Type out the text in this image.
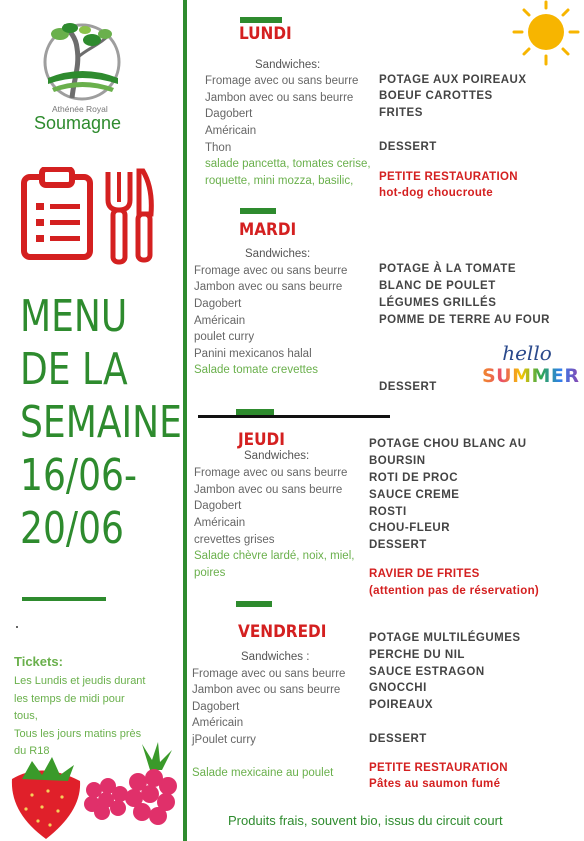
Athénée Royal
Soumagne
MENU
DE LA
SEMAINE
16/06-
20/06
Tickets:
Les Lundis et jeudis durant
les temps de midi pour
tous,
Tous les jours matins près
du R18
LUNDI
Sandwiches:
Fromage avec ou sans beurre
Jambon avec ou sans beurre
Dagobert
Américain
Thon
salade pancetta, tomates cerise,
roquette, mini mozza, basilic,
POTAGE AUX POIREAUX
BOEUF CAROTTES
FRITES
DESSERT
PETITE RESTAURATION
hot-dog choucroute
MARDI
Sandwiches:
Fromage avec ou sans beurre
Jambon avec ou sans beurre
Dagobert
Américain
poulet curry
Panini mexicanos halal
Salade tomate crevettes
POTAGE À LA TOMATE
BLANC DE POULET
LÉGUMES GRILLÉS
POMME DE TERRE AU FOUR
DESSERT
hello
SUMMER
JEUDI
Sandwiches:
Fromage avec ou sans beurre
Jambon avec ou sans beurre
Dagobert
Américain
crevettes grises
Salade chèvre lardé, noix, miel,
poires
POTAGE CHOU BLANC AU
BOURSIN
ROTI DE PROC
SAUCE CREME
ROSTI
CHOU-FLEUR
DESSERT
RAVIER DE FRITES
(attention pas de réservation)
VENDREDI
Sandwiches :
Fromage avec ou sans beurre
Jambon avec ou sans beurre
Dagobert
Américain
jPoulet curry
Salade mexicaine au poulet
POTAGE MULTILÉGUMES
PERCHE DU NIL
SAUCE ESTRAGON
GNOCCHI
POIREAUX
DESSERT
PETITE RESTAURATION
Pâtes au saumon fumé
Produits frais, souvent bio, issus du circuit court
